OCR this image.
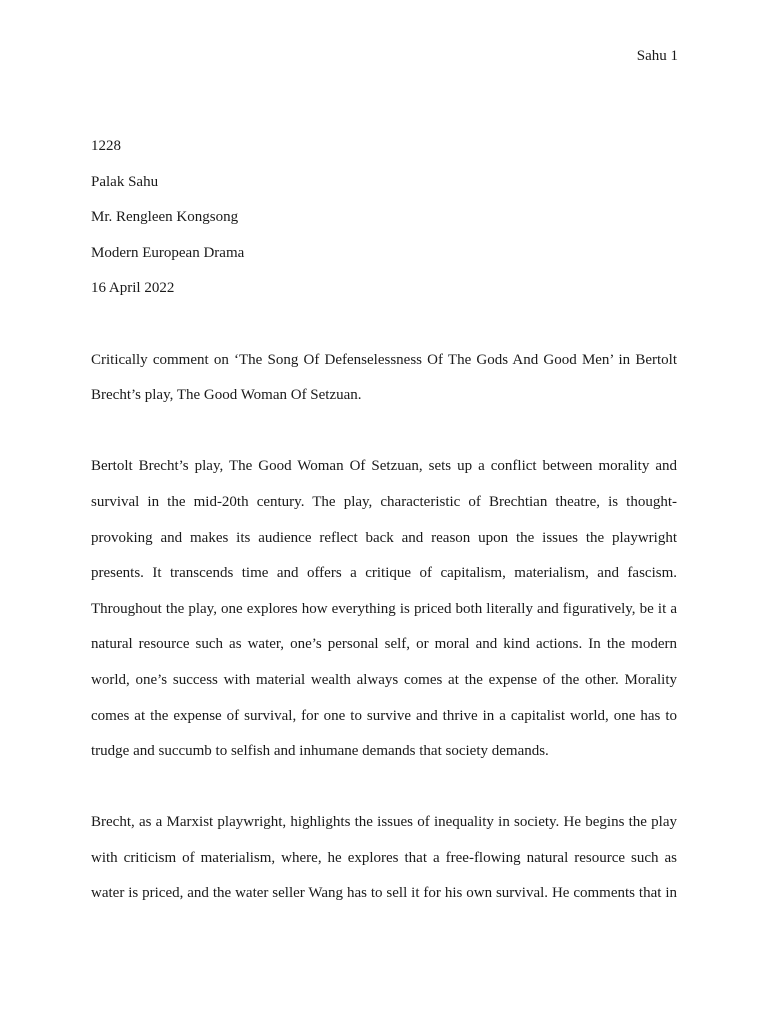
Sahu 1
1228
Palak Sahu
Mr. Rengleen Kongsong
Modern European Drama
16 April 2022
Critically comment on ‘The Song Of Defenselessness Of The Gods And Good Men’ in Bertolt
Brecht’s play, The Good Woman Of Setzuan.
Bertolt Brecht’s play, The Good Woman Of Setzuan, sets up a conflict between morality and
survival in the mid-20th century. The play, characteristic of Brechtian theatre, is thought-
provoking and makes its audience reflect back and reason upon the issues the playwright
presents. It transcends time and offers a critique of capitalism, materialism, and fascism.
Throughout the play, one explores how everything is priced both literally and figuratively, be it a
natural resource such as water, one’s personal self, or moral and kind actions. In the modern
world, one’s success with material wealth always comes at the expense of the other. Morality
comes at the expense of survival, for one to survive and thrive in a capitalist world, one has to
trudge and succumb to selfish and inhumane demands that society demands.
Brecht, as a Marxist playwright, highlights the issues of inequality in society. He begins the play
with criticism of materialism, where, he explores that a free-flowing natural resource such as
water is priced, and the water seller Wang has to sell it for his own survival. He comments that in
